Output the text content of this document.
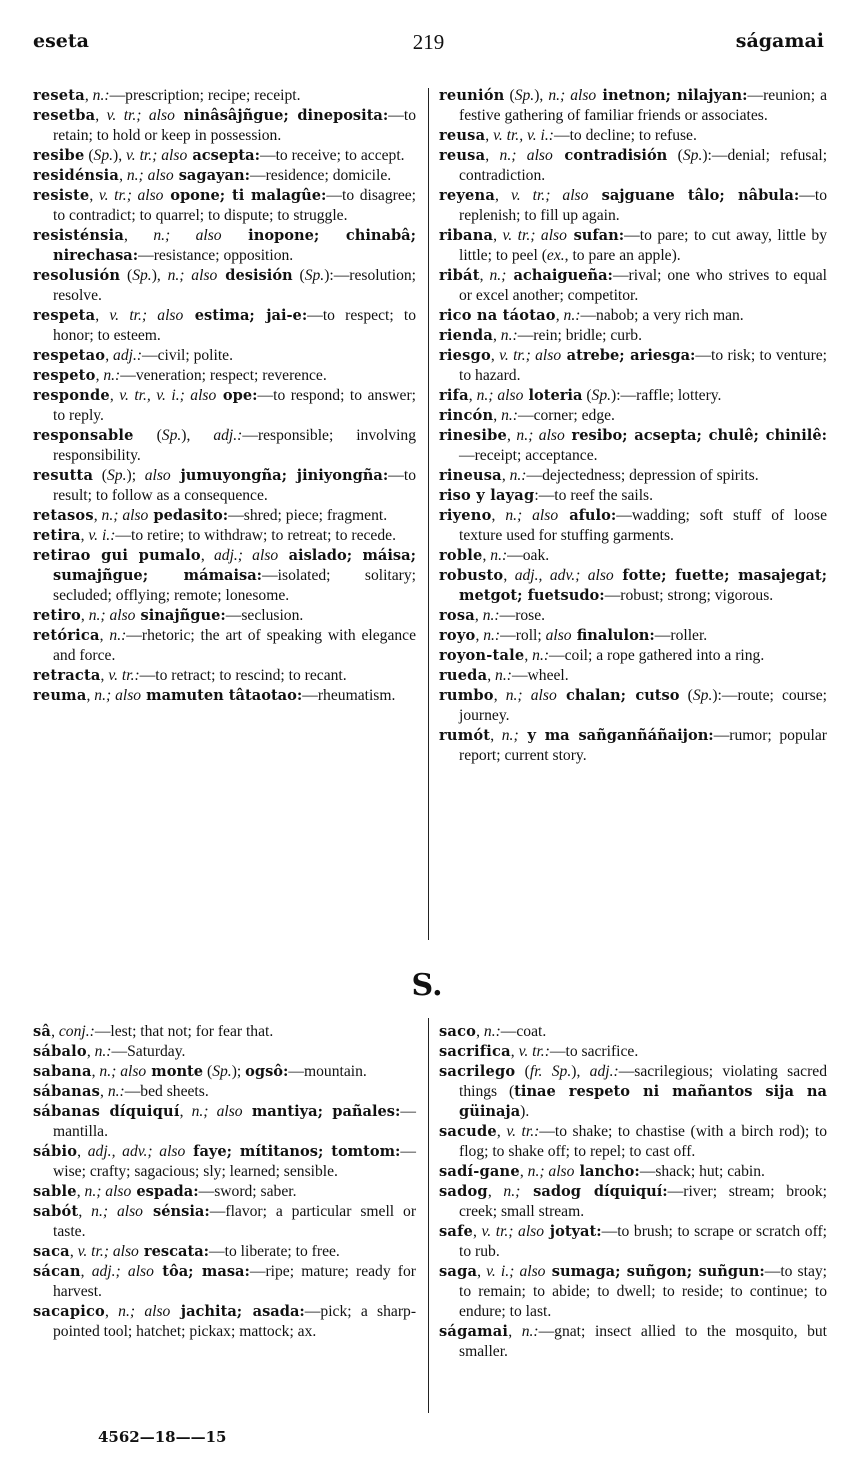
eseta	219	ságamai

reseta, n.:—prescription; recipe; receipt.

resetba, v. tr.; also ninâsâjñgue; dineposita:—to retain; to hold or keep in possession.

resibe (Sp.), v. tr.; also acsepta:—to receive; to accept.

residénsia, n.; also sagayan:—residence; domicile.

resiste, v. tr.; also opone; ti malagûe:—to disagree; to contradict; to quarrel; to dispute; to struggle.

resisténsia, n.; also inopone; chinabâ; nirechasa:—resistance; opposition.

resolusión (Sp.), n.; also desisión (Sp.):—resolution; resolve.

respeta, v. tr.; also estima; jai-e:—to respect; to honor; to esteem.

respetao, adj.:—civil; polite.

respeto, n.:—veneration; respect; reverence.

responde, v. tr., v. i.; also ope:—to respond; to answer; to reply.

responsable (Sp.), adj.:—responsible; involving responsibility.

resutta (Sp.); also jumuyongña; jiniyongña:—to result; to follow as a consequence.

retasos, n.; also pedasito:—shred; piece; fragment.

retira, v. i.:—to retire; to withdraw; to retreat; to recede.

retirao gui pumalo, adj.; also aislado; máisa; sumajñgue; mámaisa:—isolated; solitary; secluded; offlying; remote; lonesome.

retiro, n.; also sinajñgue:—seclusion.

retórica, n.:—rhetoric; the art of speaking with elegance and force.

retracta, v. tr.:—to retract; to rescind; to recant.

reuma, n.; also mamuten tâtaotao:—rheumatism.

reunión (Sp.), n.; also inetnon; nilajyan:—reunion; a festive gathering of familiar friends or associates.

reusa, v. tr., v. i.:—to decline; to refuse.

reusa, n.; also contradisión (Sp.):—denial; refusal; contradiction.

reyena, v. tr.; also sajguane tâlo; nâbula:—to replenish; to fill up again.

ribana, v. tr.; also sufan:—to pare; to cut away, little by little; to peel (ex., to pare an apple).

ribát, n.; achaigueña:—rival; one who strives to equal or excel another; competitor.

rico na táotao, n.:—nabob; a very rich man.

rienda, n.:—rein; bridle; curb.

riesgo, v. tr.; also atrebe; ariesga:—to risk; to venture; to hazard.

rifa, n.; also loteria (Sp.):—raffle; lottery.

rincón, n.:—corner; edge.

rinesibe, n.; also resibo; acsepta; chulê; chinilê:—receipt; acceptance.

rineusa, n.:—dejectedness; depression of spirits.

riso y layag:—to reef the sails.

riyeno, n.; also afulo:—wadding; soft stuff of loose texture used for stuffing garments.

roble, n.:—oak.

robusto, adj., adv.; also fotte; fuette; masajegat; metgot; fuetsudo:—robust; strong; vigorous.

rosa, n.:—rose.

royo, n.:—roll; also finalulon:—roller.

royon-tale, n.:—coil; a rope gathered into a ring.

rueda, n.:—wheel.

rumbo, n.; also chalan; cutso (Sp.):—route; course; journey.

rumót, n.; y ma sañganñáñaijon:—rumor; popular report; current story.

S.

sâ, conj.:—lest; that not; for fear that.

sábalo, n.:—Saturday.

sabana, n.; also monte (Sp.); ogsô:—mountain.

sábanas, n.:—bed sheets.

sábanas díquiquí, n.; also mantiya; pañales:—mantilla.

sábio, adj., adv.; also faye; mítitanos; tomtom:—wise; crafty; sagacious; sly; learned; sensible.

sable, n.; also espada:—sword; saber.

sabót, n.; also sénsia:—flavor; a particular smell or taste.

saca, v. tr.; also rescata:—to liberate; to free.

sácan, adj.; also tôa; masa:—ripe; mature; ready for harvest.

sacapico, n.; also jachita; asada:—pick; a sharp-pointed tool; hatchet; pickax; mattock; ax.

saco, n.:—coat.

sacrifica, v. tr.:—to sacrifice.

sacrilego (fr. Sp.), adj.:—sacrilegious; violating sacred things (tinae respeto ni mañantos sija na güinaja).

sacude, v. tr.:—to shake; to chastise (with a birch rod); to flog; to shake off; to repel; to cast off.

sadí-gane, n.; also lancho:—shack; hut; cabin.

sadog, n.; sadog díquiquí:—river; stream; brook; creek; small stream.

safe, v. tr.; also jotyat:—to brush; to scrape or scratch off; to rub.

saga, v. i.; also sumaga; suñgon; suñgun:—to stay; to remain; to abide; to dwell; to reside; to continue; to endure; to last.

ságamai, n.:—gnat; insect allied to the mosquito, but smaller.

4562—18——15
